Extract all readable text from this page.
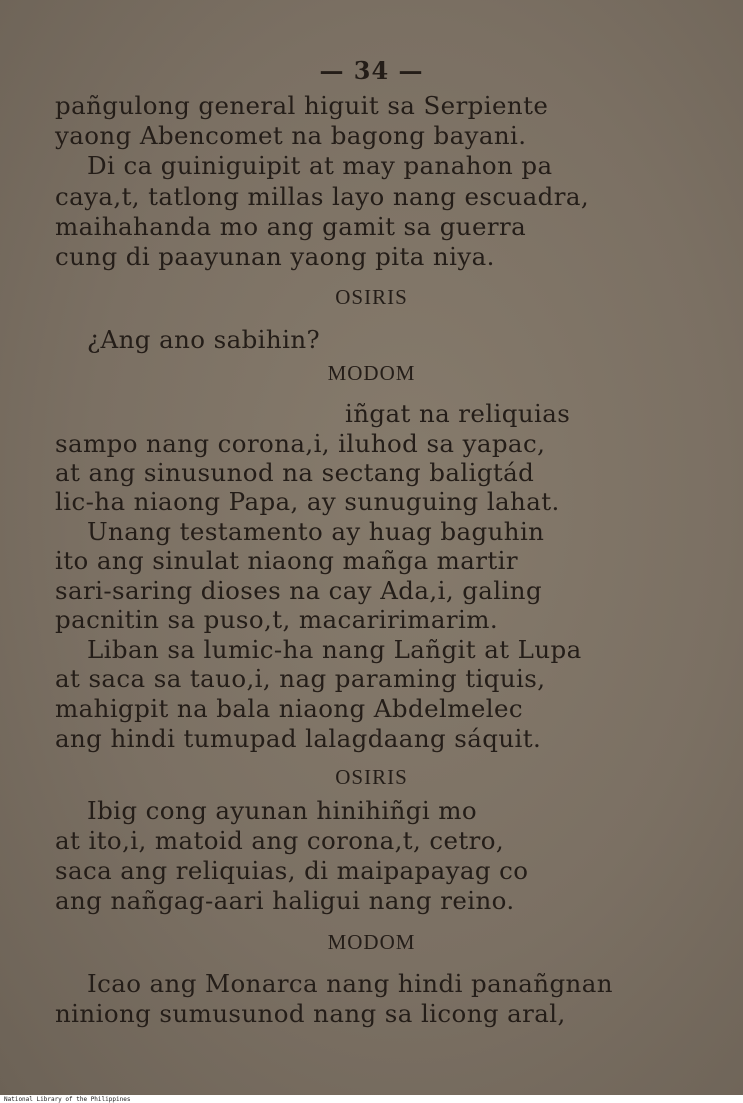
— 34 —
pañgulong general higuit sa Serpiente
yaong Abencomet na bagong bayani.
Di ca guiniguipit at may panahon pa
caya,t, tatlong millas layo nang escuadra,
maihahanda mo ang gamit sa guerra
cung di paayunan yaong pita niya.
OSIRIS
¿Ang ano sabihin?
MODOM
iñgat na reliquias
sampo nang corona,i, iluhod sa yapac,
at ang sinusunod na sectang baligtád
lic-ha niaong Papa, ay sunuguing lahat.
Unang testamento ay huag baguhin
ito ang sinulat niaong mañga martir
sari-saring dioses na cay Ada,i, galing
pacnitin sa puso,t, macaririmarim.
Liban sa lumic-ha nang Lañgit at Lupa
at saca sa tauo,i, nag paraming tiquis,
mahigpit na bala niaong Abdelmelec
ang hindi tumupad lalagdaang sáquit.
OSIRIS
Ibig cong ayunan hinihiñgi mo
at ito,i, matoid ang corona,t, cetro,
saca ang reliquias, di maipapayag co
ang nañgag-aari haligui nang reino.
MODOM
Icao ang Monarca nang hindi panañgnan
niniong sumusunod nang sa licong aral,
National Library of the Philippines
